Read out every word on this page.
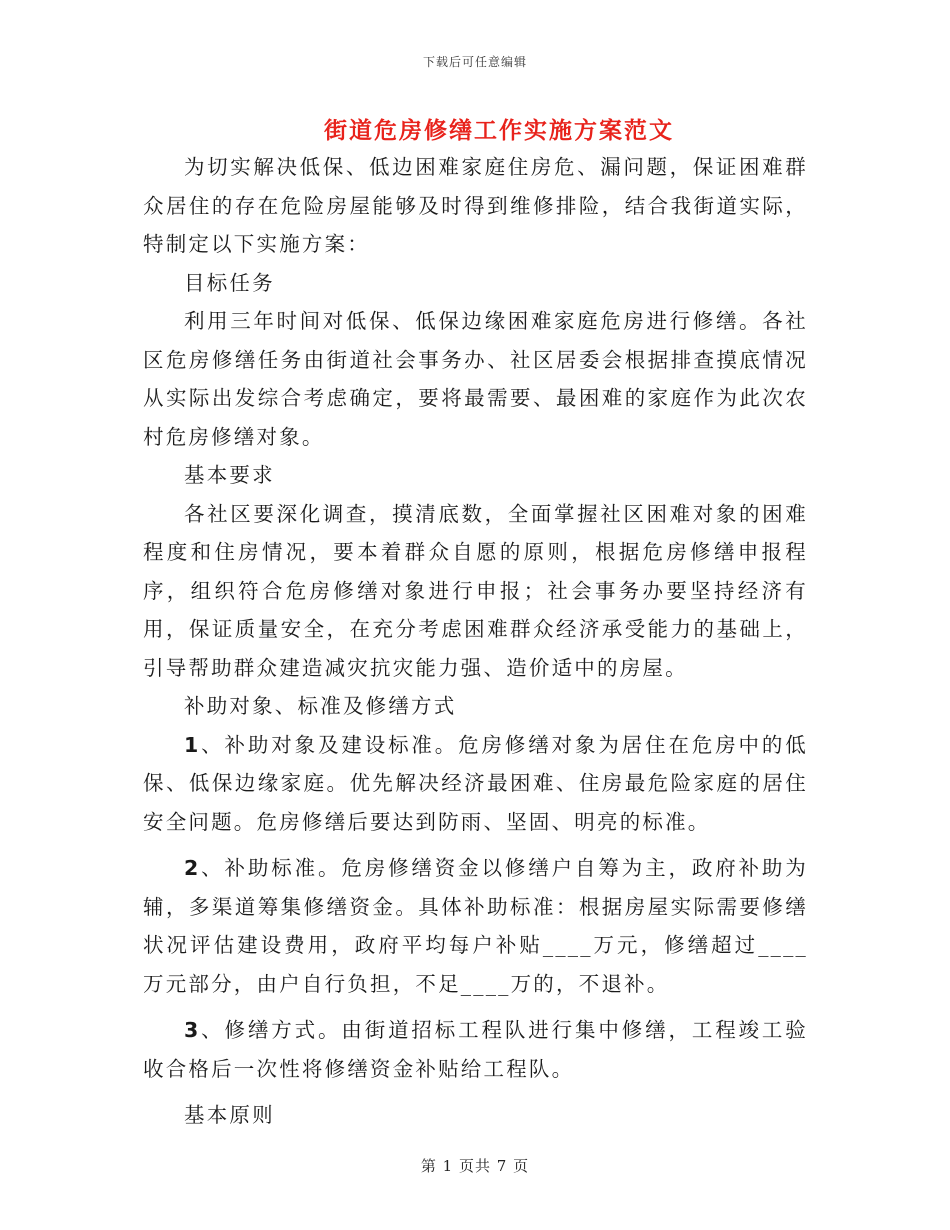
下载后可任意编辑
街道危房修缮工作实施方案范文

为切实解决低保、低边困难家庭住房危、漏问题，保证困难群众居住的存在危险房屋能够及时得到维修排险，结合我街道实际，特制定以下实施方案：

目标任务

利用三年时间对低保、低保边缘困难家庭危房进行修缮。各社区危房修缮任务由街道社会事务办、社区居委会根据排查摸底情况从实际出发综合考虑确定，要将最需要、最困难的家庭作为此次农村危房修缮对象。

基本要求

各社区要深化调查，摸清底数，全面掌握社区困难对象的困难程度和住房情况，要本着群众自愿的原则，根据危房修缮申报程序，组织符合危房修缮对象进行申报；社会事务办要坚持经济有用，保证质量安全，在充分考虑困难群众经济承受能力的基础上，引导帮助群众建造减灾抗灾能力强、造价适中的房屋。

补助对象、标准及修缮方式

1、补助对象及建设标准。危房修缮对象为居住在危房中的低保、低保边缘家庭。优先解决经济最困难、住房最危险家庭的居住安全问题。危房修缮后要达到防雨、坚固、明亮的标准。

2、补助标准。危房修缮资金以修缮户自筹为主，政府补助为辅，多渠道筹集修缮资金。具体补助标准：根据房屋实际需要修缮状况评估建设费用，政府平均每户补贴____万元，修缮超过____万元部分，由户自行负担，不足____万的，不退补。

3、修缮方式。由街道招标工程队进行集中修缮，工程竣工验收合格后一次性将修缮资金补贴给工程队。

基本原则

第 1 页共 7 页
